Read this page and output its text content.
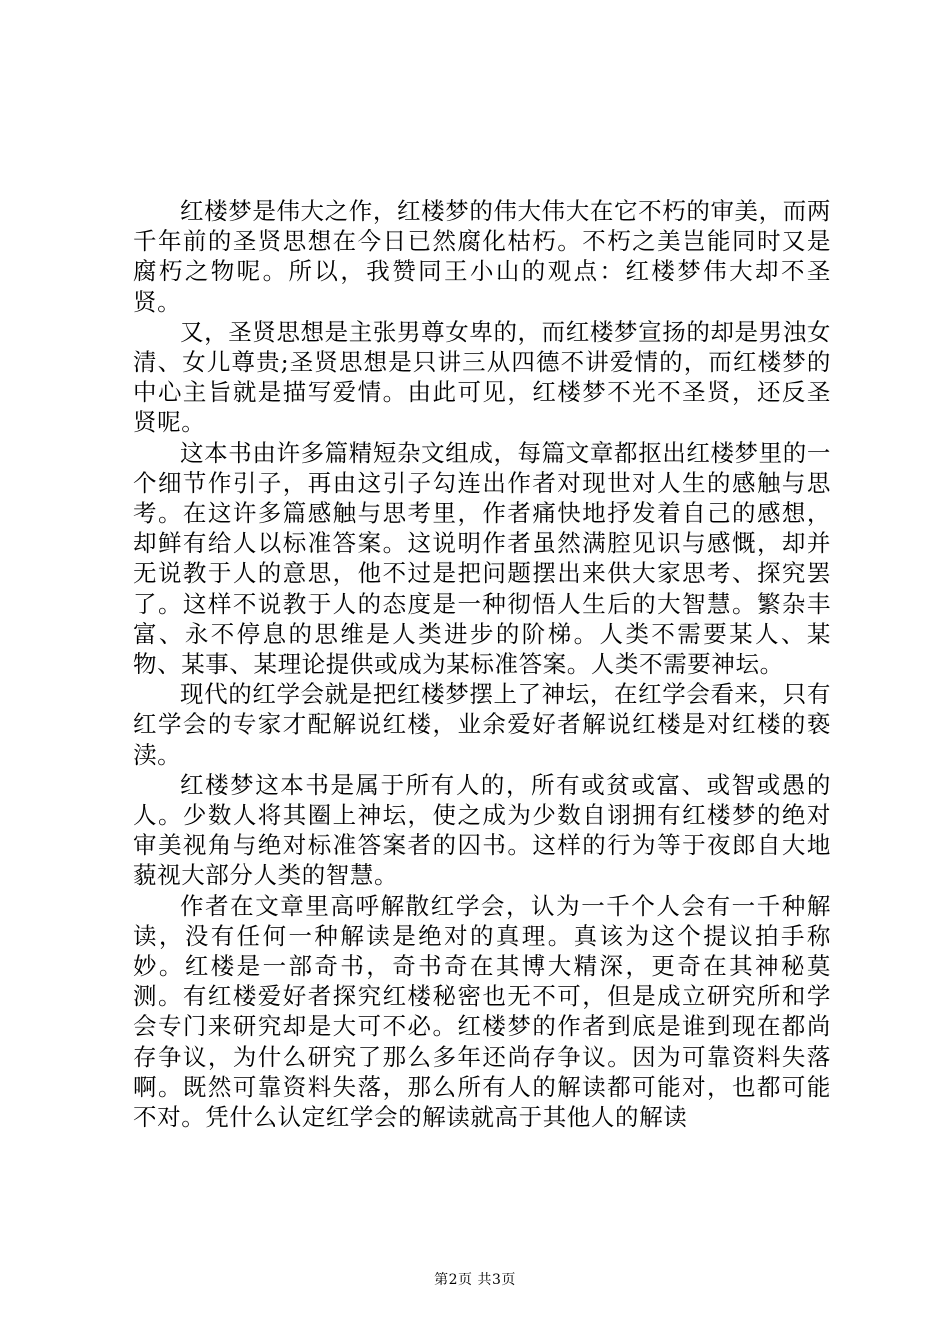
红楼梦是伟大之作，红楼梦的伟大伟大在它不朽的审美，而两千年前的圣贤思想在今日已然腐化枯朽。不朽之美岂能同时又是腐朽之物呢。所以，我赞同王小山的观点：红楼梦伟大却不圣贤。

又，圣贤思想是主张男尊女卑的，而红楼梦宣扬的却是男浊女清、女儿尊贵;圣贤思想是只讲三从四德不讲爱情的，而红楼梦的中心主旨就是描写爱情。由此可见，红楼梦不光不圣贤，还反圣贤呢。

这本书由许多篇精短杂文组成，每篇文章都抠出红楼梦里的一个细节作引子，再由这引子勾连出作者对现世对人生的感触与思考。在这许多篇感触与思考里，作者痛快地抒发着自己的感想，却鲜有给人以标准答案。这说明作者虽然满腔见识与感慨，却并无说教于人的意思，他不过是把问题摆出来供大家思考、探究罢了。这样不说教于人的态度是一种彻悟人生后的大智慧。繁杂丰富、永不停息的思维是人类进步的阶梯。人类不需要某人、某物、某事、某理论提供或成为某标准答案。人类不需要神坛。

现代的红学会就是把红楼梦摆上了神坛，在红学会看来，只有红学会的专家才配解说红楼，业余爱好者解说红楼是对红楼的亵渎。

红楼梦这本书是属于所有人的，所有或贫或富、或智或愚的人。少数人将其圈上神坛，使之成为少数自诩拥有红楼梦的绝对审美视角与绝对标准答案者的囚书。这样的行为等于夜郎自大地藐视大部分人类的智慧。

作者在文章里高呼解散红学会，认为一千个人会有一千种解读，没有任何一种解读是绝对的真理。真该为这个提议拍手称妙。红楼是一部奇书，奇书奇在其博大精深，更奇在其神秘莫测。有红楼爱好者探究红楼秘密也无不可，但是成立研究所和学会专门来研究却是大可不必。红楼梦的作者到底是谁到现在都尚存争议，为什么研究了那么多年还尚存争议。因为可靠资料失落啊。既然可靠资料失落，那么所有人的解读都可能对，也都可能不对。凭什么认定红学会的解读就高于其他人的解读

第2页 共3页
